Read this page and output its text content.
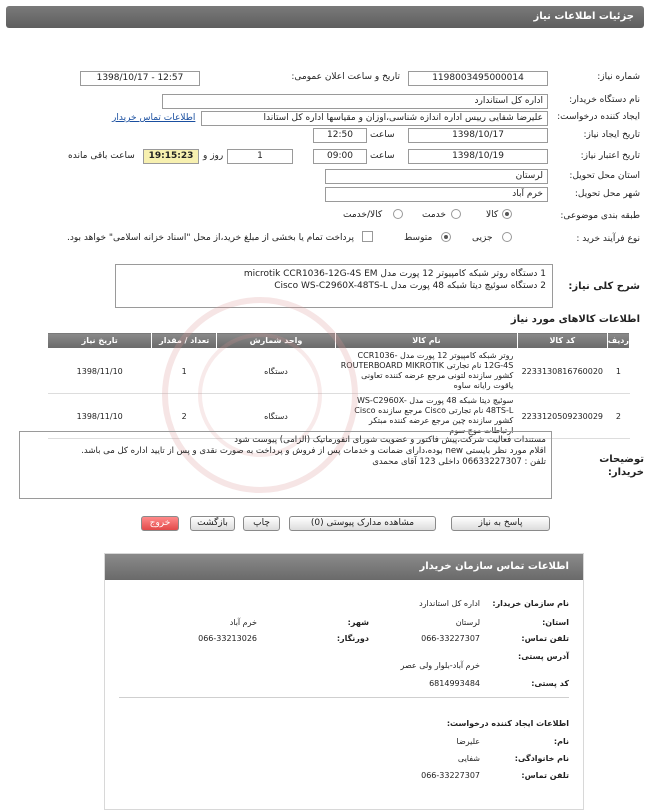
جزئیات اطلاعات نیاز
شماره نیاز:
1198003495000014
تاریخ و ساعت اعلان عمومی:
1398/10/17 - 12:57
نام دستگاه خریدار:
اداره کل استاندارد
ایجاد کننده درخواست:
علیرضا شفایی رییس اداره اندازه شناسی،اوزان و مقیاسها اداره کل استاندا
اطلاعات تماس خریدار
تاریخ ایجاد نیاز:
1398/10/17
ساعت
12:50
تاریخ اعتبار نیاز:
1398/10/19
ساعت
09:00
1
روز و
19:15:23
ساعت باقی مانده
استان محل تحویل:
لرستان
شهر محل تحویل:
خرم آباد
طبقه بندی موضوعی:
کالا
خدمت
کالا/خدمت
نوع فرآیند خرید :
جزیی
متوسط
پرداخت تمام یا بخشی از مبلغ خرید،از محل "اسناد خزانه اسلامی" خواهد بود.
شرح کلی نیاز:
1 دستگاه روتر شبکه کامپیوتر 12 پورت مدل microtik CCR1036-12G-4S EM
2 دستگاه سوئیچ دیتا شبکه 48 پورت مدل Cisco WS-C2960X-48TS-L
اطلاعات کالاهای مورد نیاز
ردیف	کد کالا	نام کالا	واحد شمارش	تعداد / مقدار	تاریخ نیاز
1	2233130816760020	روتر شبکه کامپیوتر 12 پورت مدل CCR1036-12G-4S نام تجارتی ROUTERBOARD MIKROTIK کشور سازنده لتونی مرجع عرضه کننده تعاونی یاقوت رایانه ساوه	دستگاه	1	1398/11/10
2	2233120509230029	سوئیچ دیتا شبکه 48 پورت مدل WS-C2960X-48TS-L نام تجارتی Cisco مرجع سازنده Cisco کشور سازنده چین مرجع عرضه کننده مبتکر ارتباطات موج سوم	دستگاه	2	1398/11/10
توضیحات خریدار:
مستندات فعالیت شرکت،پیش فاکتور و عضویت شورای انفورماتیک (الزامی) پیوست شود
اقلام مورد نظر بایستی new بوده،دارای ضمانت و خدمات پس از فروش و پرداخت به صورت نقدی و پس از تایید اداره کل می باشد.
تلفن : 06633227307 داخلی 123 آقای محمدی
پاسخ به نیاز
مشاهده مدارک پیوستی (0)
چاپ
بازگشت
خروج
اطلاعات تماس سازمان خریدار
نام سازمان خریدار:
اداره کل استاندارد
استان:
لرستان
شهر:
خرم آباد
تلفن تماس:
066-33227307
دورنگار:
066-33213026
آدرس پستی:
خرم آباد-بلوار ولی عصر
کد پستی:
6814993484
اطلاعات ایجاد کننده درخواست:
نام:
علیرضا
نام خانوادگی:
شفایی
تلفن تماس:
066-33227307
